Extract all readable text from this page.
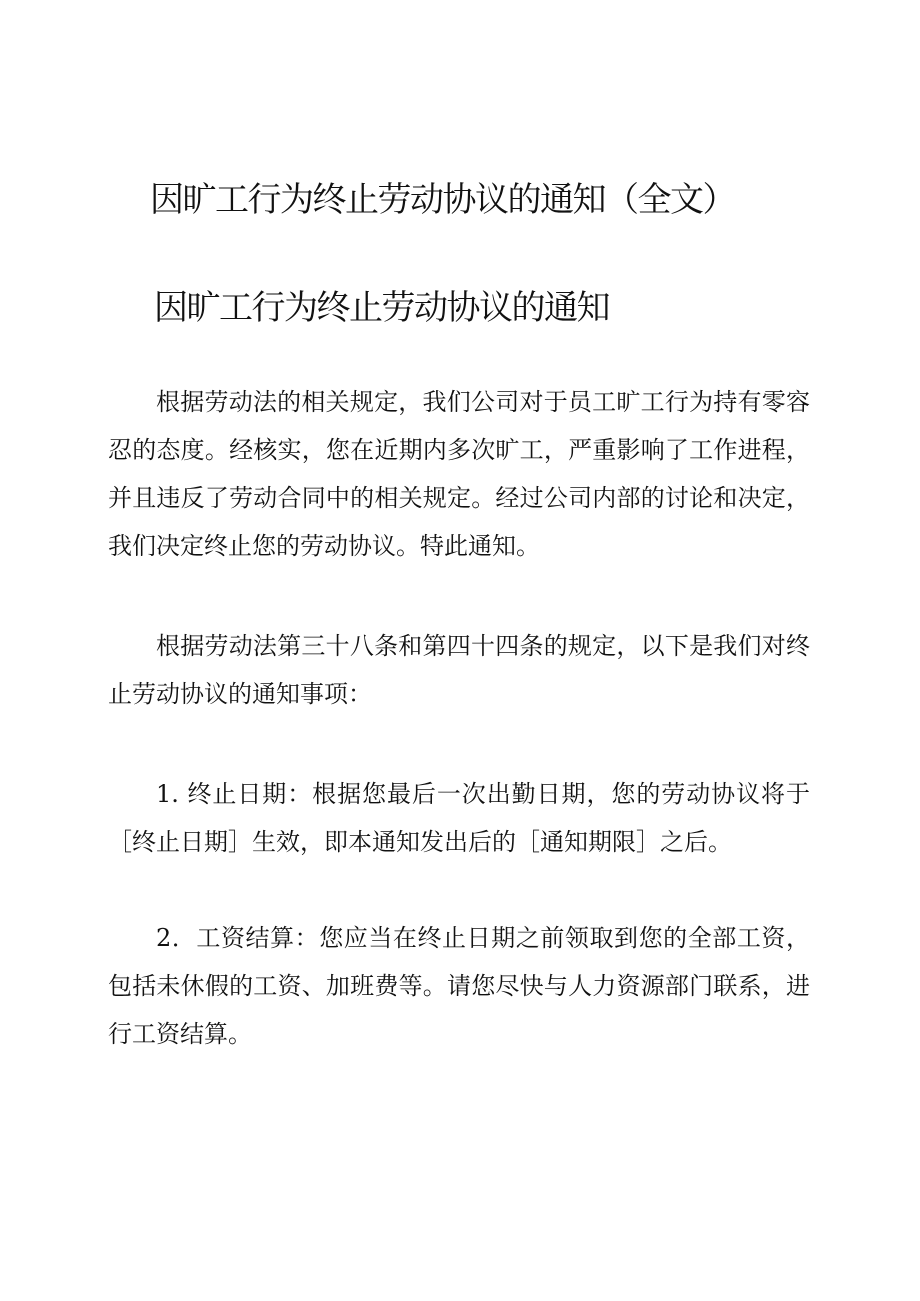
因旷工行为终止劳动协议的通知（全文）
因旷工行为终止劳动协议的通知

根据劳动法的相关规定，我们公司对于员工旷工行为持有零容忍的态度。经核实，您在近期内多次旷工，严重影响了工作进程，并且违反了劳动合同中的相关规定。经过公司内部的讨论和决定，我们决定终止您的劳动协议。特此通知。

根据劳动法第三十八条和第四十四条的规定，以下是我们对终止劳动协议的通知事项：

1. 终止日期：根据您最后一次出勤日期，您的劳动协议将于［终止日期］生效，即本通知发出后的［通知期限］之后。

2．工资结算：您应当在终止日期之前领取到您的全部工资，包括未休假的工资、加班费等。请您尽快与人力资源部门联系，进行工资结算。
